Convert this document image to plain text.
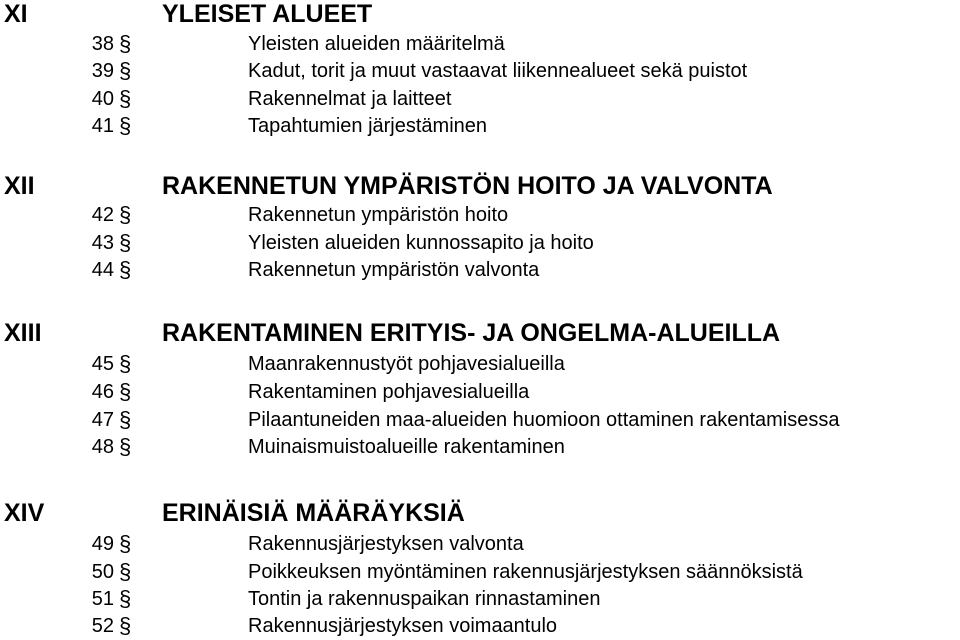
XI	YLEISET ALUEET
38 §	Yleisten alueiden määritelmä
39 §	Kadut, torit ja muut vastaavat liikennealueet sekä puistot
40 §	Rakennelmat ja laitteet
41 §	Tapahtumien järjestäminen
XII	RAKENNETUN YMPÄRISTÖN HOITO JA VALVONTA
42 §	Rakennetun ympäristön hoito
43 §	Yleisten alueiden kunnossapito ja hoito
44 §	Rakennetun ympäristön valvonta
XIII	RAKENTAMINEN ERITYIS- JA ONGELMA-ALUEILLA
45 §	Maanrakennustyöt pohjavesialueilla
46 §	Rakentaminen pohjavesialueilla
47 §	Pilaantuneiden maa-alueiden huomioon ottaminen rakentamisessa
48 §	Muinaismuistoalueille rakentaminen
XIV	ERINÄISIÄ MÄÄRÄYKSIÄ
49 §	Rakennusjärjestyksen valvonta
50 §	Poikkeuksen myöntäminen rakennusjärjestyksen säännöksistä
51 §	Tontin ja rakennuspaikan rinnastaminen
52 §	Rakennusjärjestyksen voimaantulo
